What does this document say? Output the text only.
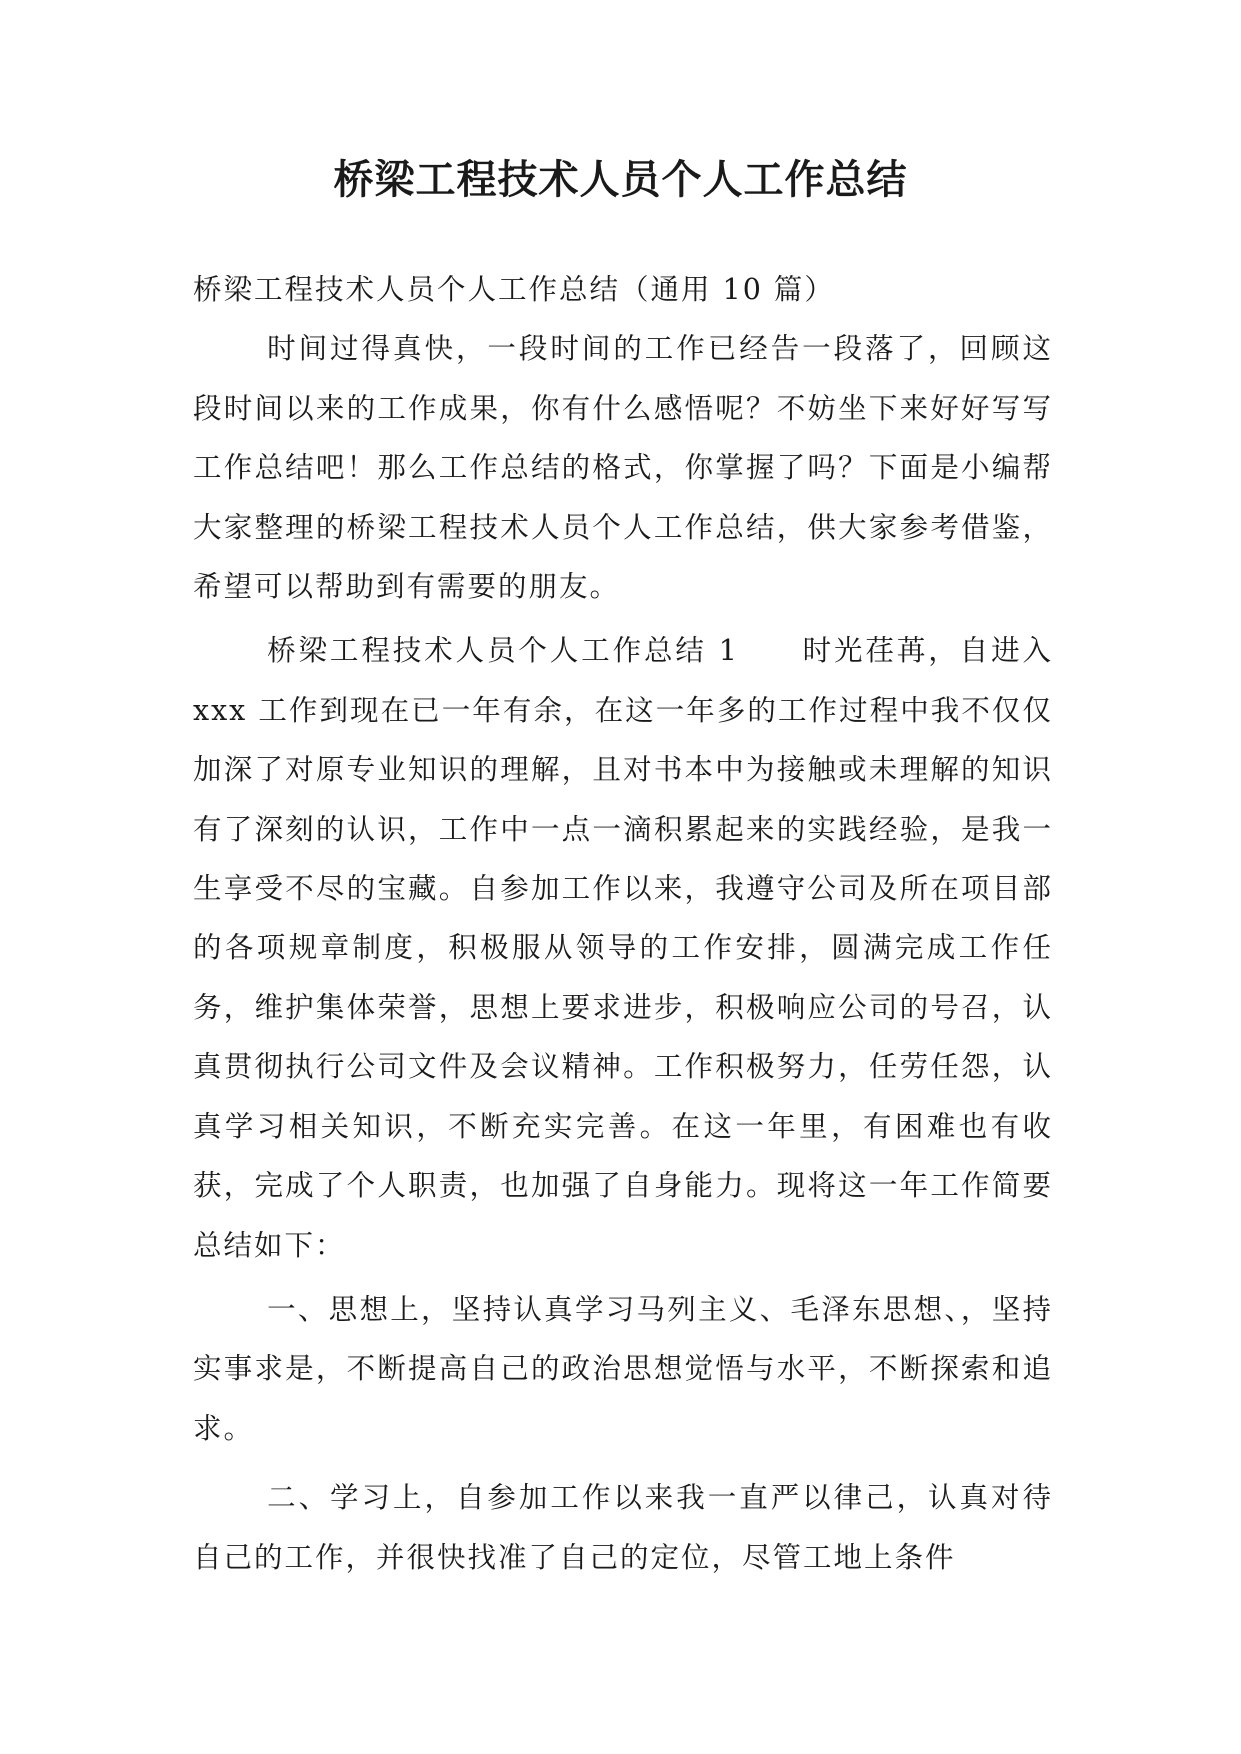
桥梁工程技术人员个人工作总结

桥梁工程技术人员个人工作总结（通用 10 篇）

时间过得真快，一段时间的工作已经告一段落了，回顾这段时间以来的工作成果，你有什么感悟呢？不妨坐下来好好写写工作总结吧！那么工作总结的格式，你掌握了吗？下面是小编帮大家整理的桥梁工程技术人员个人工作总结，供大家参考借鉴，希望可以帮助到有需要的朋友。

桥梁工程技术人员个人工作总结 1　　时光荏苒，自进入 xxx 工作到现在已一年有余，在这一年多的工作过程中我不仅仅加深了对原专业知识的理解，且对书本中为接触或未理解的知识有了深刻的认识，工作中一点一滴积累起来的实践经验，是我一生享受不尽的宝藏。自参加工作以来，我遵守公司及所在项目部的各项规章制度，积极服从领导的工作安排，圆满完成工作任务，维护集体荣誉，思想上要求进步，积极响应公司的号召，认真贯彻执行公司文件及会议精神。工作积极努力，任劳任怨，认真学习相关知识，不断充实完善。在这一年里，有困难也有收获，完成了个人职责，也加强了自身能力。现将这一年工作简要总结如下：

一、思想上，坚持认真学习马列主义、毛泽东思想、，坚持实事求是，不断提高自己的政治思想觉悟与水平，不断探索和追求。

二、学习上，自参加工作以来我一直严以律己，认真对待自己的工作，并很快找准了自己的定位，尽管工地上条件
